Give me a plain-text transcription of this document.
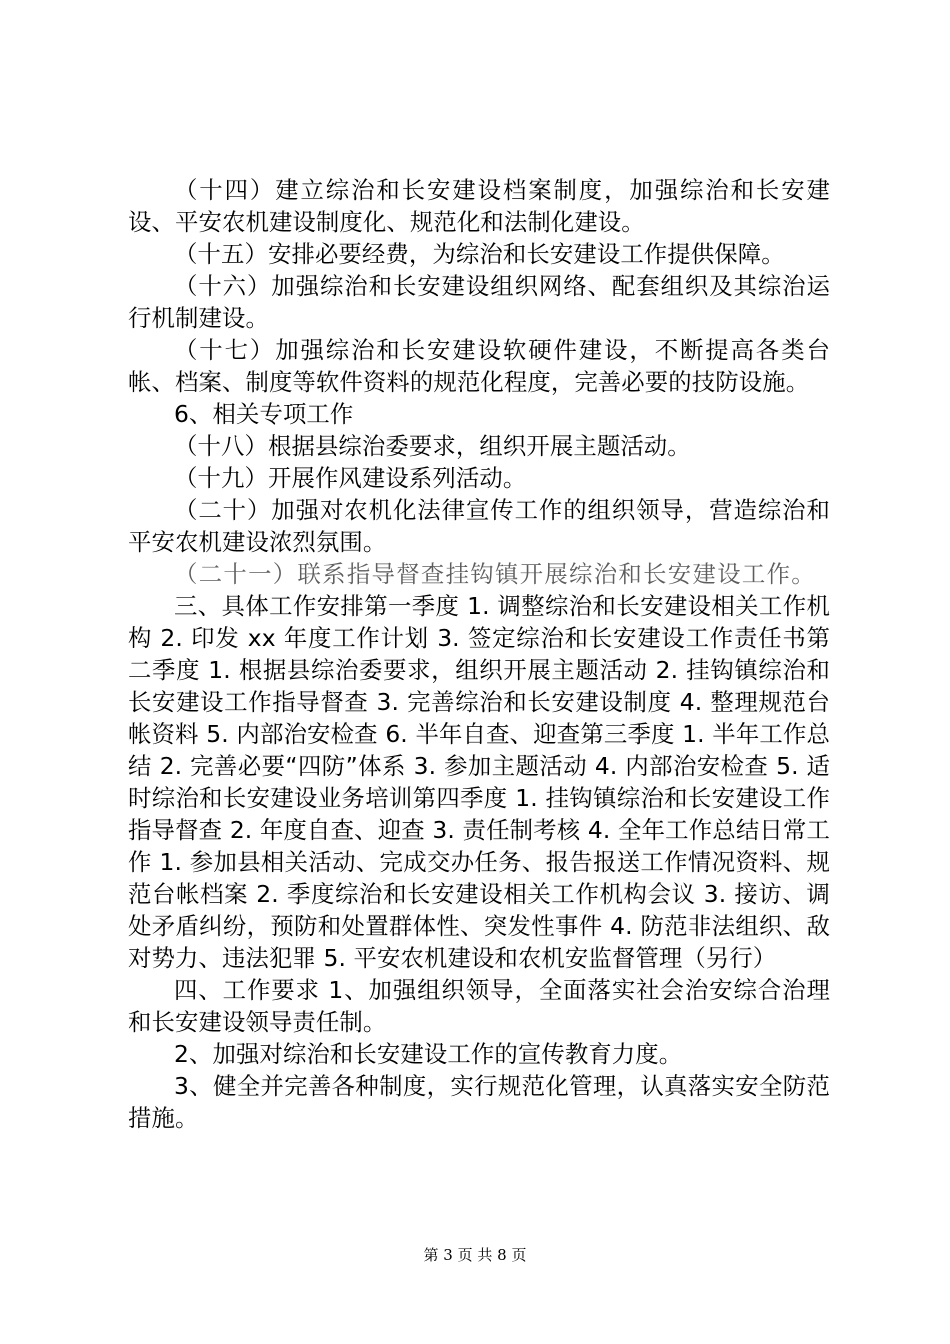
（十四）建立综治和长安建设档案制度，加强综治和长安建设、平安农机建设制度化、规范化和法制化建设。

（十五）安排必要经费，为综治和长安建设工作提供保障。

（十六）加强综治和长安建设组织网络、配套组织及其综治运行机制建设。

（十七）加强综治和长安建设软硬件建设，不断提高各类台帐、档案、制度等软件资料的规范化程度，完善必要的技防设施。

6、相关专项工作

（十八）根据县综治委要求，组织开展主题活动。

（十九）开展作风建设系列活动。

（二十）加强对农机化法律宣传工作的组织领导，营造综治和平安农机建设浓烈氛围。

（二十一）联系指导督查挂钩镇开展综治和长安建设工作。

三、具体工作安排第一季度 1. 调整综治和长安建设相关工作机构 2. 印发 xx 年度工作计划 3. 签定综治和长安建设工作责任书第二季度 1. 根据县综治委要求，组织开展主题活动 2. 挂钩镇综治和长安建设工作指导督查 3. 完善综治和长安建设制度 4. 整理规范台帐资料 5. 内部治安检查 6. 半年自查、迎查第三季度 1. 半年工作总结 2. 完善必要“四防”体系 3. 参加主题活动 4. 内部治安检查 5. 适时综治和长安建设业务培训第四季度 1. 挂钩镇综治和长安建设工作指导督查 2. 年度自查、迎查 3. 责任制考核 4. 全年工作总结日常工作 1. 参加县相关活动、完成交办任务、报告报送工作情况资料、规范台帐档案 2. 季度综治和长安建设相关工作机构会议 3. 接访、调处矛盾纠纷，预防和处置群体性、突发性事件 4. 防范非法组织、敌对势力、违法犯罪 5. 平安农机建设和农机安监督管理（另行）

四、工作要求 1、加强组织领导，全面落实社会治安综合治理和长安建设领导责任制。

2、加强对综治和长安建设工作的宣传教育力度。

3、健全并完善各种制度，实行规范化管理，认真落实安全防范措施。

第 3 页 共 8 页
